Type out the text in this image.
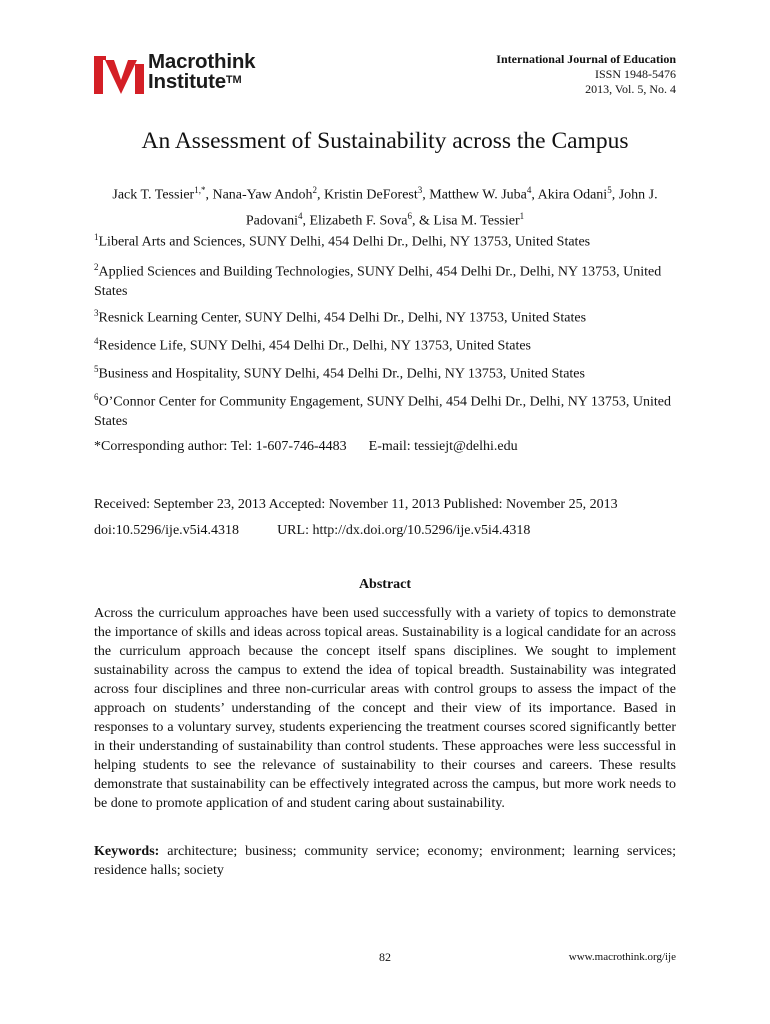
Macrothink
Institute™
International Journal of Education
ISSN 1948-5476
2013, Vol. 5, No. 4
An Assessment of Sustainability across the Campus
Jack T. Tessier$^{1,*}$, Nana-Yaw Andoh$^2$, Kristin DeForest$^3$, Matthew W. Juba$^4$, Akira Odani$^5$, John J. Padovani$^4$, Elizabeth F. Sova$^6$, & Lisa M. Tessier$^1$
$^1$Liberal Arts and Sciences, SUNY Delhi, 454 Delhi Dr., Delhi, NY 13753, United States
$^2$Applied Sciences and Building Technologies, SUNY Delhi, 454 Delhi Dr., Delhi, NY 13753, United States
$^3$Resnick Learning Center, SUNY Delhi, 454 Delhi Dr., Delhi, NY 13753, United States
$^4$Residence Life, SUNY Delhi, 454 Delhi Dr., Delhi, NY 13753, United States
$^5$Business and Hospitality, SUNY Delhi, 454 Delhi Dr., Delhi, NY 13753, United States
$^6$O’Connor Center for Community Engagement, SUNY Delhi, 454 Delhi Dr., Delhi, NY 13753, United States
*Corresponding author: Tel: 1-607-746-4483 E-mail: tessiejt@delhi.edu
Received: September 23, 2013 Accepted: November 11, 2013 Published: November 25, 2013
doi:10.5296/ije.v5i4.4318	URL: http://dx.doi.org/10.5296/ije.v5i4.4318
Abstract
Across the curriculum approaches have been used successfully with a variety of topics to demonstrate the importance of skills and ideas across topical areas. Sustainability is a logical candidate for an across the curriculum approach because the concept itself spans disciplines. We sought to implement sustainability across the campus to extend the idea of topical breadth. Sustainability was integrated across four disciplines and three non-curricular areas with control groups to assess the impact of the approach on students’ understanding of the concept and their view of its importance. Based in responses to a voluntary survey, students experiencing the treatment courses scored significantly better in their understanding of sustainability than control students. These approaches were less successful in helping students to see the relevance of sustainability to their courses and careers. These results demonstrate that sustainability can be effectively integrated across the campus, but more work needs to be done to promote application of and student caring about sustainability.
Keywords: architecture; business; community service; economy; environment; learning services; residence halls; society
82	www.macrothink.org/ije
